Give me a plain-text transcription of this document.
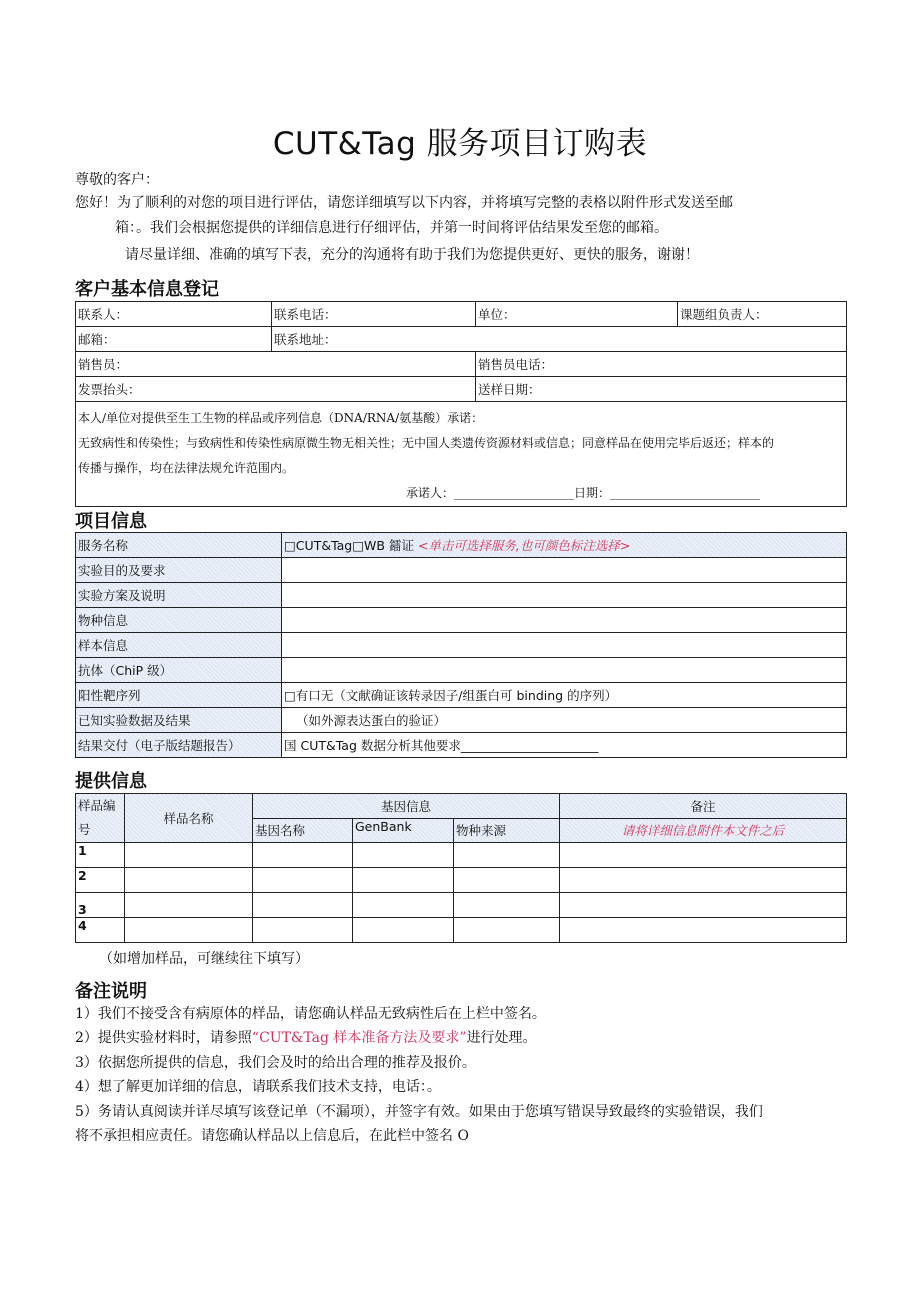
CUT&Tag 服务项目订购表

尊敬的客户：

您好！为了顺利的对您的项目进行评估，请您详细填写以下内容，并将填写完整的表格以附件形式发送至邮

箱：。我们会根据您提供的详细信息进行仔细评估，并第一时间将评估结果发至您的邮箱。

请尽量详细、准确的填写下表，充分的沟通将有助于我们为您提供更好、更快的服务，谢谢！

客户基本信息登记
联系人：	联系电话：	单位：	课题组负责人：
邮箱：	联系地址：		
销售员：		销售员电话：	
发票抬头：		送样日期：	

本人/单位对提供至生工生物的样品或序列信息（DNA/RNA/氨基酸）承诺：
无致病性和传染性；与致病性和传染性病原微生物无相关性；无中国人类遗传资源材料或信息；同意样品在使用完毕后返还；样本的
传播与操作，均在法律法规允许范围内。
承诺人：____________________日期：_________________________			
项目信息
服务名称	□CUT&Tag□WB 鐳证 <单击可选择服务,也可颜色标注选择>
实验目的及要求	
实验方案及说明	
物种信息	
样本信息	
抗体（ChiP 级）	
阳性靶序列	□有口无（文献确证该转录因子/组蛋白可 binding 的序列）
已知实验数据及结果	（如外源表达蛋白的验证）
结果交付（电子版结题报告）	国 CUT&Tag 数据分析其他要求______________________
提供信息
样品编
号	样品名称	基因信息			备注
		基因名称	GenBank	物种来源	请将详细信息附件本文件之后
1					
2					
3					
4					

（如增加样品，可继续往下填写）

备注说明

1）我们不接受含有病原体的样品，请您确认样品无致病性后在上栏中签名。

2）提供实验材料时，请参照“CUT&Tag 样本准备方法及要求”进行处理。

3）依据您所提供的信息，我们会及时的给出合理的推荐及报价。

4）想了解更加详细的信息，请联系我们技术支持，电话：。

5）务请认真阅读并详尽填写该登记单（不漏项），并签字有效。如果由于您填写错误导致最终的实验错误，我们

将不承担相应责任。请您确认样品以上信息后，在此栏中签名 O
